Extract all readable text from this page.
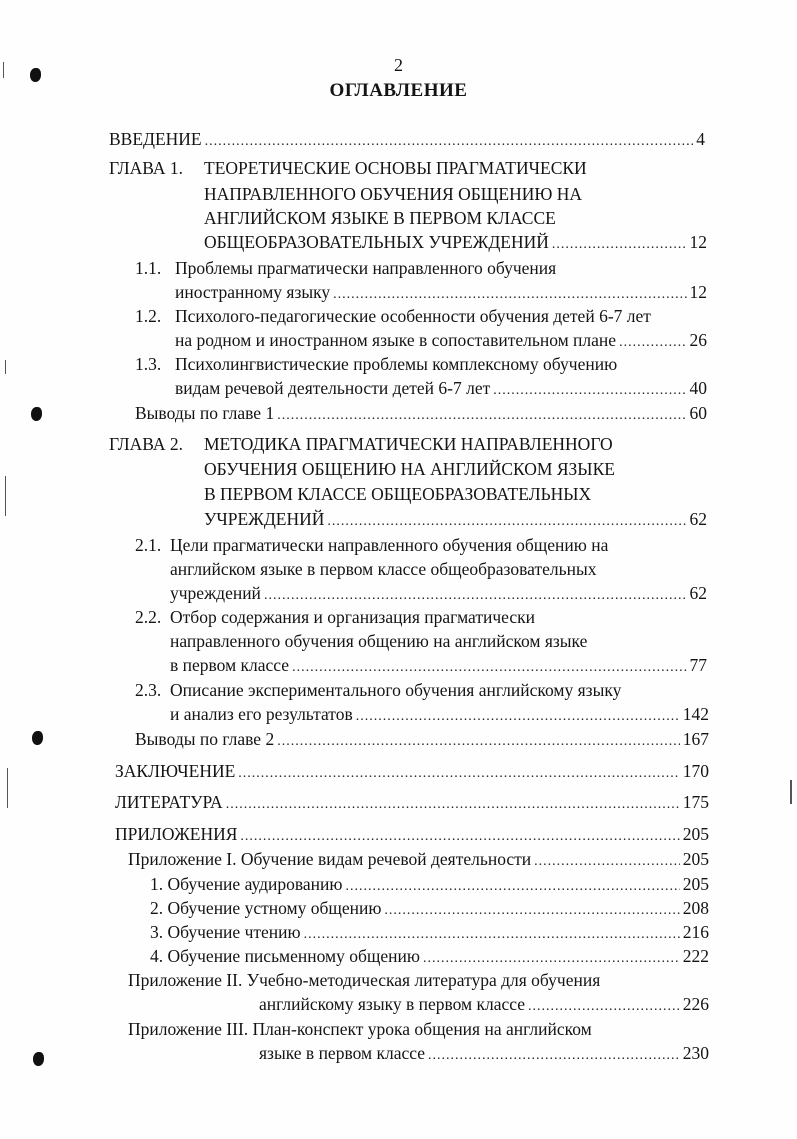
2
ОГЛАВЛЕНИЕ
ВВЕДЕНИЕ .....	4
ГЛАВА 1. ТЕОРЕТИЧЕСКИЕ ОСНОВЫ ПРАГМАТИЧЕСКИ
НАПРАВЛЕННОГО ОБУЧЕНИЯ ОБЩЕНИЮ НА
АНГЛИЙСКОМ ЯЗЫКЕ В ПЕРВОМ КЛАССЕ
ОБЩЕОБРАЗОВАТЕЛЬНЫХ УЧРЕЖДЕНИЙ .....	12
1.1. Проблемы прагматически направленного обучения
иностранному языку .....	12
1.2. Психолого-педагогические особенности обучения детей 6-7 лет
на родном и иностранном языке в сопоставительном плане .....	26
1.3. Психолингвистические проблемы комплексному обучению
видам речевой деятельности детей 6-7 лет .....	40
Выводы по главе 1 .....	60
ГЛАВА 2. МЕТОДИКА ПРАГМАТИЧЕСКИ НАПРАВЛЕННОГО
ОБУЧЕНИЯ ОБЩЕНИЮ НА АНГЛИЙСКОМ ЯЗЫКЕ
В ПЕРВОМ КЛАССЕ ОБЩЕОБРАЗОВАТЕЛЬНЫХ
УЧРЕЖДЕНИЙ .....	62
2.1. Цели прагматически направленного обучения общению на
английском языке в первом классе общеобразовательных
учреждений .....	62
2.2. Отбор содержания и организация прагматически
направленного обучения общению на английском языке
в первом классе .....	77
2.3. Описание экспериментального обучения английскому языку
и анализ его результатов .....	142
Выводы по главе 2 .....	167
ЗАКЛЮЧЕНИЕ .....	170
ЛИТЕРАТУРА .....	175
ПРИЛОЖЕНИЯ .....	205
Приложение I. Обучение видам речевой деятельности .....	205
1. Обучение аудированию .....	205
2. Обучение устному общению .....	208
3. Обучение чтению .....	216
4. Обучение письменному общению .....	222
Приложение II. Учебно-методическая литература для обучения
английскому языку в первом классе .....	226
Приложение III. План-конспект урока общения на английском
языке в первом классе .....	230
